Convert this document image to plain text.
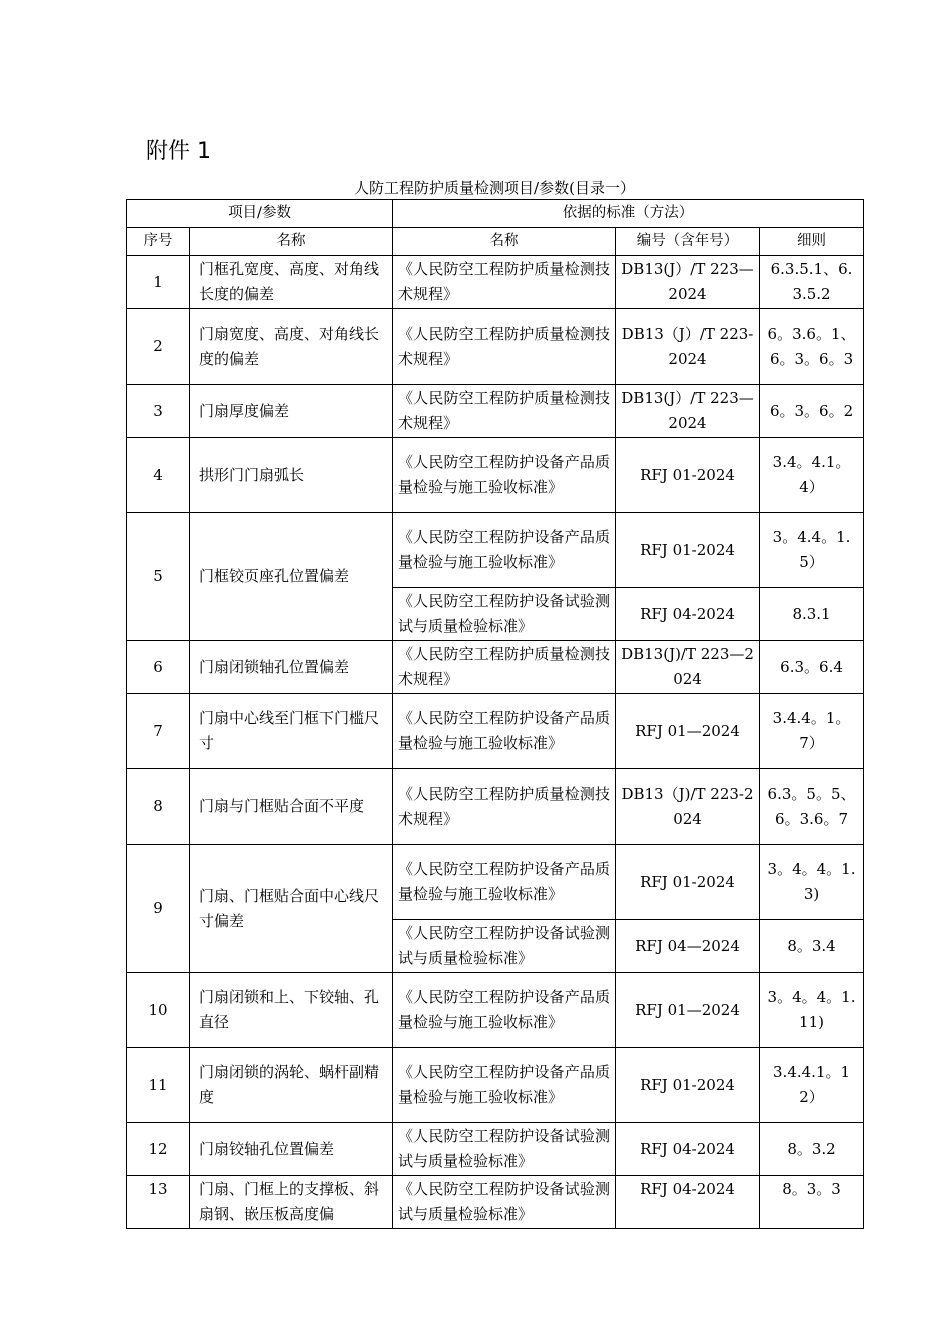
附件 1
人防工程防护质量检测项目/参数(目录一）
项目/参数		依据的标准（方法）		
序号	名称	名称	编号（含年号）	细则
1	门框孔宽度、高度、对角线长度的偏差	《人民防空工程防护质量检测技术规程》	DB13(J）/T 223—2024	6.3.5.1、6.3.5.2
2	门扇宽度、高度、对角线长度的偏差	《人民防空工程防护质量检测技术规程》	DB13（J）/T 223-2024	6。3.6。1、6。3。6。3
3	门扇厚度偏差	《人民防空工程防护质量检测技术规程》	DB13(J）/T 223—2024	6。3。6。2
4	拱形门门扇弧长	《人民防空工程防护设备产品质量检验与施工验收标准》	RFJ 01-2024	3.4。4.1。4）
5	门框铰页座孔位置偏差	《人民防空工程防护设备产品质量检验与施工验收标准》	RFJ 01-2024	3。4.4。1.5）
		《人民防空工程防护设备试验测试与质量检验标准》	RFJ 04-2024	8.3.1
6	门扇闭锁轴孔位置偏差	《人民防空工程防护质量检测技术规程》	DB13(J)/T 223—2024	6.3。6.4
7	门扇中心线至门框下门槛尺寸	《人民防空工程防护设备产品质量检验与施工验收标准》	RFJ 01—2024	3.4.4。1。7）
8	门扇与门框贴合面不平度	《人民防空工程防护质量检测技术规程》	DB13（J)/T 223-2024	6.3。5。5、6。3.6。7
9	门扇、门框贴合面中心线尺寸偏差	《人民防空工程防护设备产品质量检验与施工验收标准》	RFJ 01-2024	3。4。4。1.3)
		《人民防空工程防护设备试验测试与质量检验标准》	RFJ 04—2024	8。3.4
10	门扇闭锁和上、下铰轴、孔直径	《人民防空工程防护设备产品质量检验与施工验收标准》	RFJ 01—2024	3。4。4。1.11)
11	门扇闭锁的涡轮、蜗杆副精度	《人民防空工程防护设备产品质量检验与施工验收标准》	RFJ 01-2024	3.4.4.1。12）
12	门扇铰轴孔位置偏差	《人民防空工程防护设备试验测试与质量检验标准》	RFJ 04-2024	8。3.2
13	门扇、门框上的支撑板、斜扇钢、嵌压板高度偏	《人民防空工程防护设备试验测试与质量检验标准》	RFJ 04-2024	8。3。3
